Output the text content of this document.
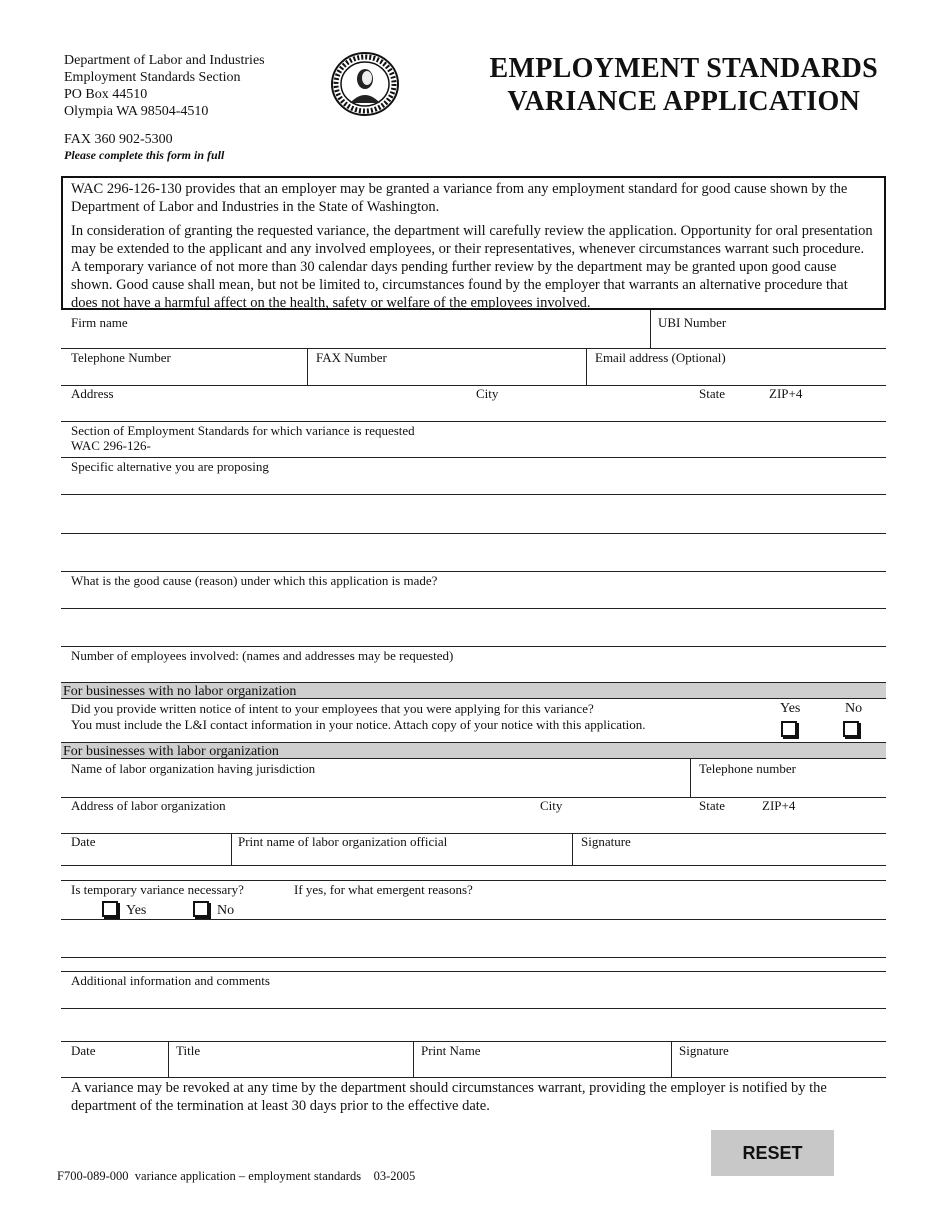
Department of Labor and Industries
Employment Standards Section
PO Box 44510
Olympia WA 98504-4510
FAX 360 902-5300
Please complete this form in full
EMPLOYMENT STANDARDS
VARIANCE APPLICATION

WAC 296-126-130 provides that an employer may be granted a variance from any employment standard for good cause shown by the Department of Labor and Industries in the State of Washington.

In consideration of granting the requested variance, the department will carefully review the application. Opportunity for oral presentation may be extended to the applicant and any involved employees, or their representatives, whenever circumstances warrant such procedure. A temporary variance of not more than 30 calendar days pending further review by the department may be granted upon good cause shown. Good cause shall mean, but not be limited to, circumstances found by the employer that warrants an alternative procedure that does not have a harmful affect on the health, safety or welfare of the employees involved.

Firm name	UBI Number
Telephone Number	FAX Number	Email address (Optional)
Address	City	State	ZIP+4
Section of Employment Standards for which variance is requested
WAC 296-126-
Specific alternative you are proposing
What is the good cause (reason) under which this application is made?
Number of employees involved: (names and addresses may be requested)
For businesses with no labor organization
Did you provide written notice of intent to your employees that you were applying for this variance?
You must include the L&I contact information in your notice. Attach copy of your notice with this application.
Yes	No
For businesses with labor organization
Name of labor organization having jurisdiction	Telephone number
Address of labor organization	City	State	ZIP+4
Date	Print name of labor organization official	Signature
Is temporary variance necessary?	If yes, for what emergent reasons?
Yes	No
Additional information and comments
Date	Title	Print Name	Signature
A variance may be revoked at any time by the department should circumstances warrant, providing the employer is notified by the department of the termination at least 30 days prior to the effective date.
RESET
F700-089-000  variance application – employment standards    03-2005
